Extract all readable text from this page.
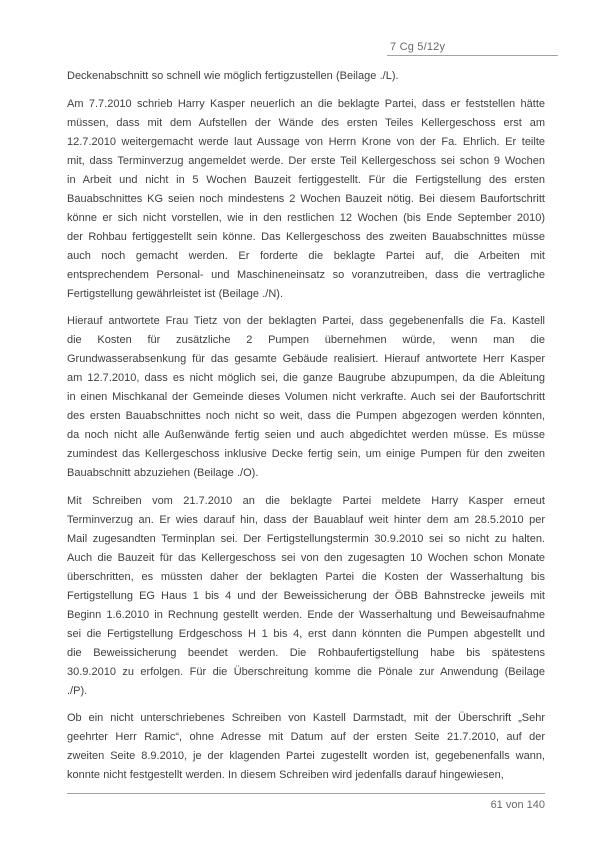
7 Cg 5/12y
Deckenabschnitt so schnell wie möglich fertigzustellen (Beilage ./L).
Am 7.7.2010 schrieb Harry Kasper neuerlich an die beklagte Partei, dass er feststellen hätte
müssen, dass mit dem Aufstellen der Wände des ersten Teiles Kellergeschoss erst am
12.7.2010 weitergemacht werde laut Aussage von Herrn Krone von der Fa. Ehrlich. Er teilte
mit, dass Terminverzug angemeldet werde. Der erste Teil Kellergeschoss sei schon 9 Wochen
in Arbeit und nicht in 5 Wochen Bauzeit fertiggestellt. Für die Fertigstellung des ersten
Bauabschnittes KG seien noch mindestens 2 Wochen Bauzeit nötig. Bei diesem Baufortschritt
könne er sich nicht vorstellen, wie in den restlichen 12 Wochen (bis Ende September 2010)
der Rohbau fertiggestellt sein könne. Das Kellergeschoss des zweiten Bauabschnittes müsse
auch noch gemacht werden. Er forderte die beklagte Partei auf, die Arbeiten mit
entsprechendem Personal- und Maschineneinsatz so voranzutreiben, dass die vertragliche
Fertigstellung gewährleistet ist (Beilage ./N).
Hierauf antwortete Frau Tietz von der beklagten Partei, dass gegebenenfalls die Fa. Kastell
die Kosten für zusätzliche 2 Pumpen übernehmen würde, wenn man die
Grundwasserabsenkung für das gesamte Gebäude realisiert. Hierauf antwortete Herr Kasper
am 12.7.2010, dass es nicht möglich sei, die ganze Baugrube abzupumpen, da die Ableitung
in einen Mischkanal der Gemeinde dieses Volumen nicht verkrafte. Auch sei der Baufortschritt
des ersten Bauabschnittes noch nicht so weit, dass die Pumpen abgezogen werden könnten,
da noch nicht alle Außenwände fertig seien und auch abgedichtet werden müsse. Es müsse
zumindest das Kellergeschoss inklusive Decke fertig sein, um einige Pumpen für den zweiten
Bauabschnitt abzuziehen (Beilage ./O).
Mit Schreiben vom 21.7.2010 an die beklagte Partei meldete Harry Kasper erneut
Terminverzug an. Er wies darauf hin, dass der Bauablauf weit hinter dem am 28.5.2010 per
Mail zugesandten Terminplan sei. Der Fertigstellungstermin 30.9.2010 sei so nicht zu halten.
Auch die Bauzeit für das Kellergeschoss sei von den zugesagten 10 Wochen schon Monate
überschritten, es müssten daher der beklagten Partei die Kosten der Wasserhaltung bis
Fertigstellung EG Haus 1 bis 4 und der Beweissicherung der ÖBB Bahnstrecke jeweils mit
Beginn 1.6.2010 in Rechnung gestellt werden. Ende der Wasserhaltung und Beweisaufnahme
sei die Fertigstellung Erdgeschoss H 1 bis 4, erst dann könnten die Pumpen abgestellt und
die Beweissicherung beendet werden. Die Rohbaufertigstellung habe bis spätestens
30.9.2010 zu erfolgen. Für die Überschreitung komme die Pönale zur Anwendung (Beilage
./P).
Ob ein nicht unterschriebenes Schreiben von Kastell Darmstadt, mit der Überschrift „Sehr
geehrter Herr Ramic“, ohne Adresse mit Datum auf der ersten Seite 21.7.2010, auf der
zweiten Seite 8.9.2010, je der klagenden Partei zugestellt worden ist, gegebenenfalls wann,
konnte nicht festgestellt werden. In diesem Schreiben wird jedenfalls darauf hingewiesen,
61 von 140
